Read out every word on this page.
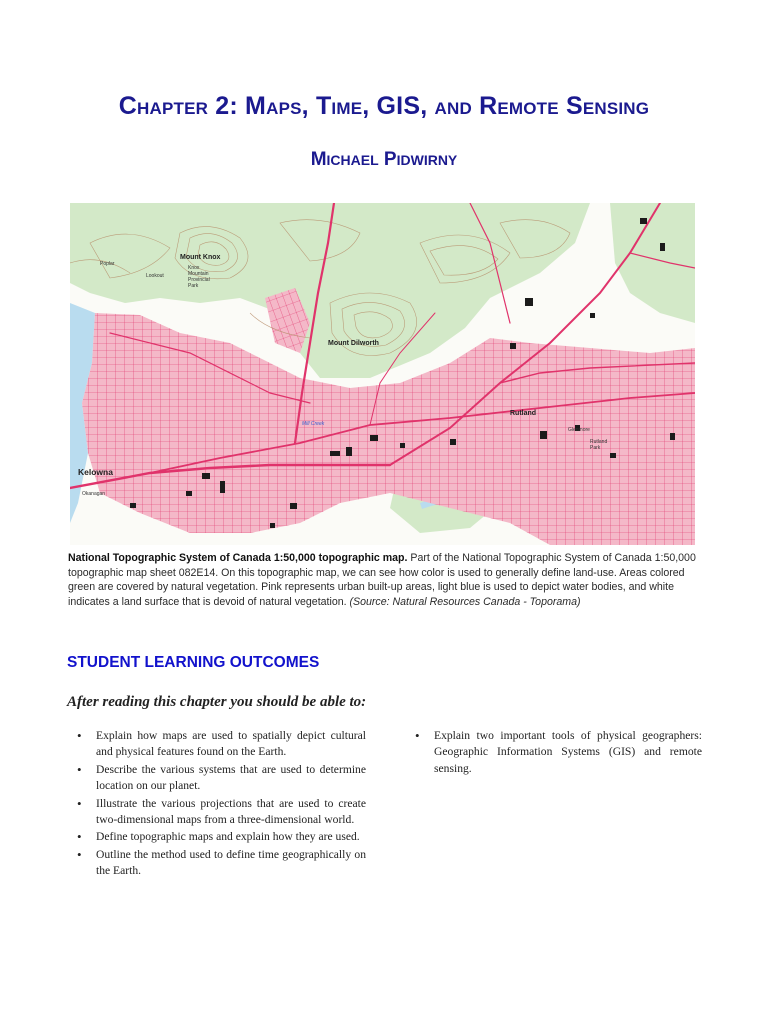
CHAPTER 2: MAPS, TIME, GIS, AND REMOTE SENSING
MICHAEL PIDWIRNY
Mount Knox
Knox
Mountain
Provincial
Park
Mount Dilworth
Kelowna
Rutland
Rutland
Park
Glenmore
Mill Creek
Okanagan
Poplar
Lookout
National Topographic System of Canada 1:50,000 topographic map. Part of the National Topographic System of Canada 1:50,000 topographic map sheet 082E14. On this topographic map, we can see how color is used to generally define land-use. Areas colored green are covered by natural vegetation. Pink represents urban built-up areas, light blue is used to depict water bodies, and white indicates a land surface that is devoid of natural vegetation. (Source: Natural Resources Canada - Toporama)
STUDENT LEARNING OUTCOMES
After reading this chapter you should be able to:
• Explain how maps are used to spatially depict cultural and physical features found on the Earth.
• Describe the various systems that are used to determine location on our planet.
• Illustrate the various projections that are used to create two-dimensional maps from a three-dimensional world.
• Define topographic maps and explain how they are used.
• Outline the method used to define time geographically on the Earth.
• Explain two important tools of physical geographers: Geographic Information Systems (GIS) and remote sensing.
